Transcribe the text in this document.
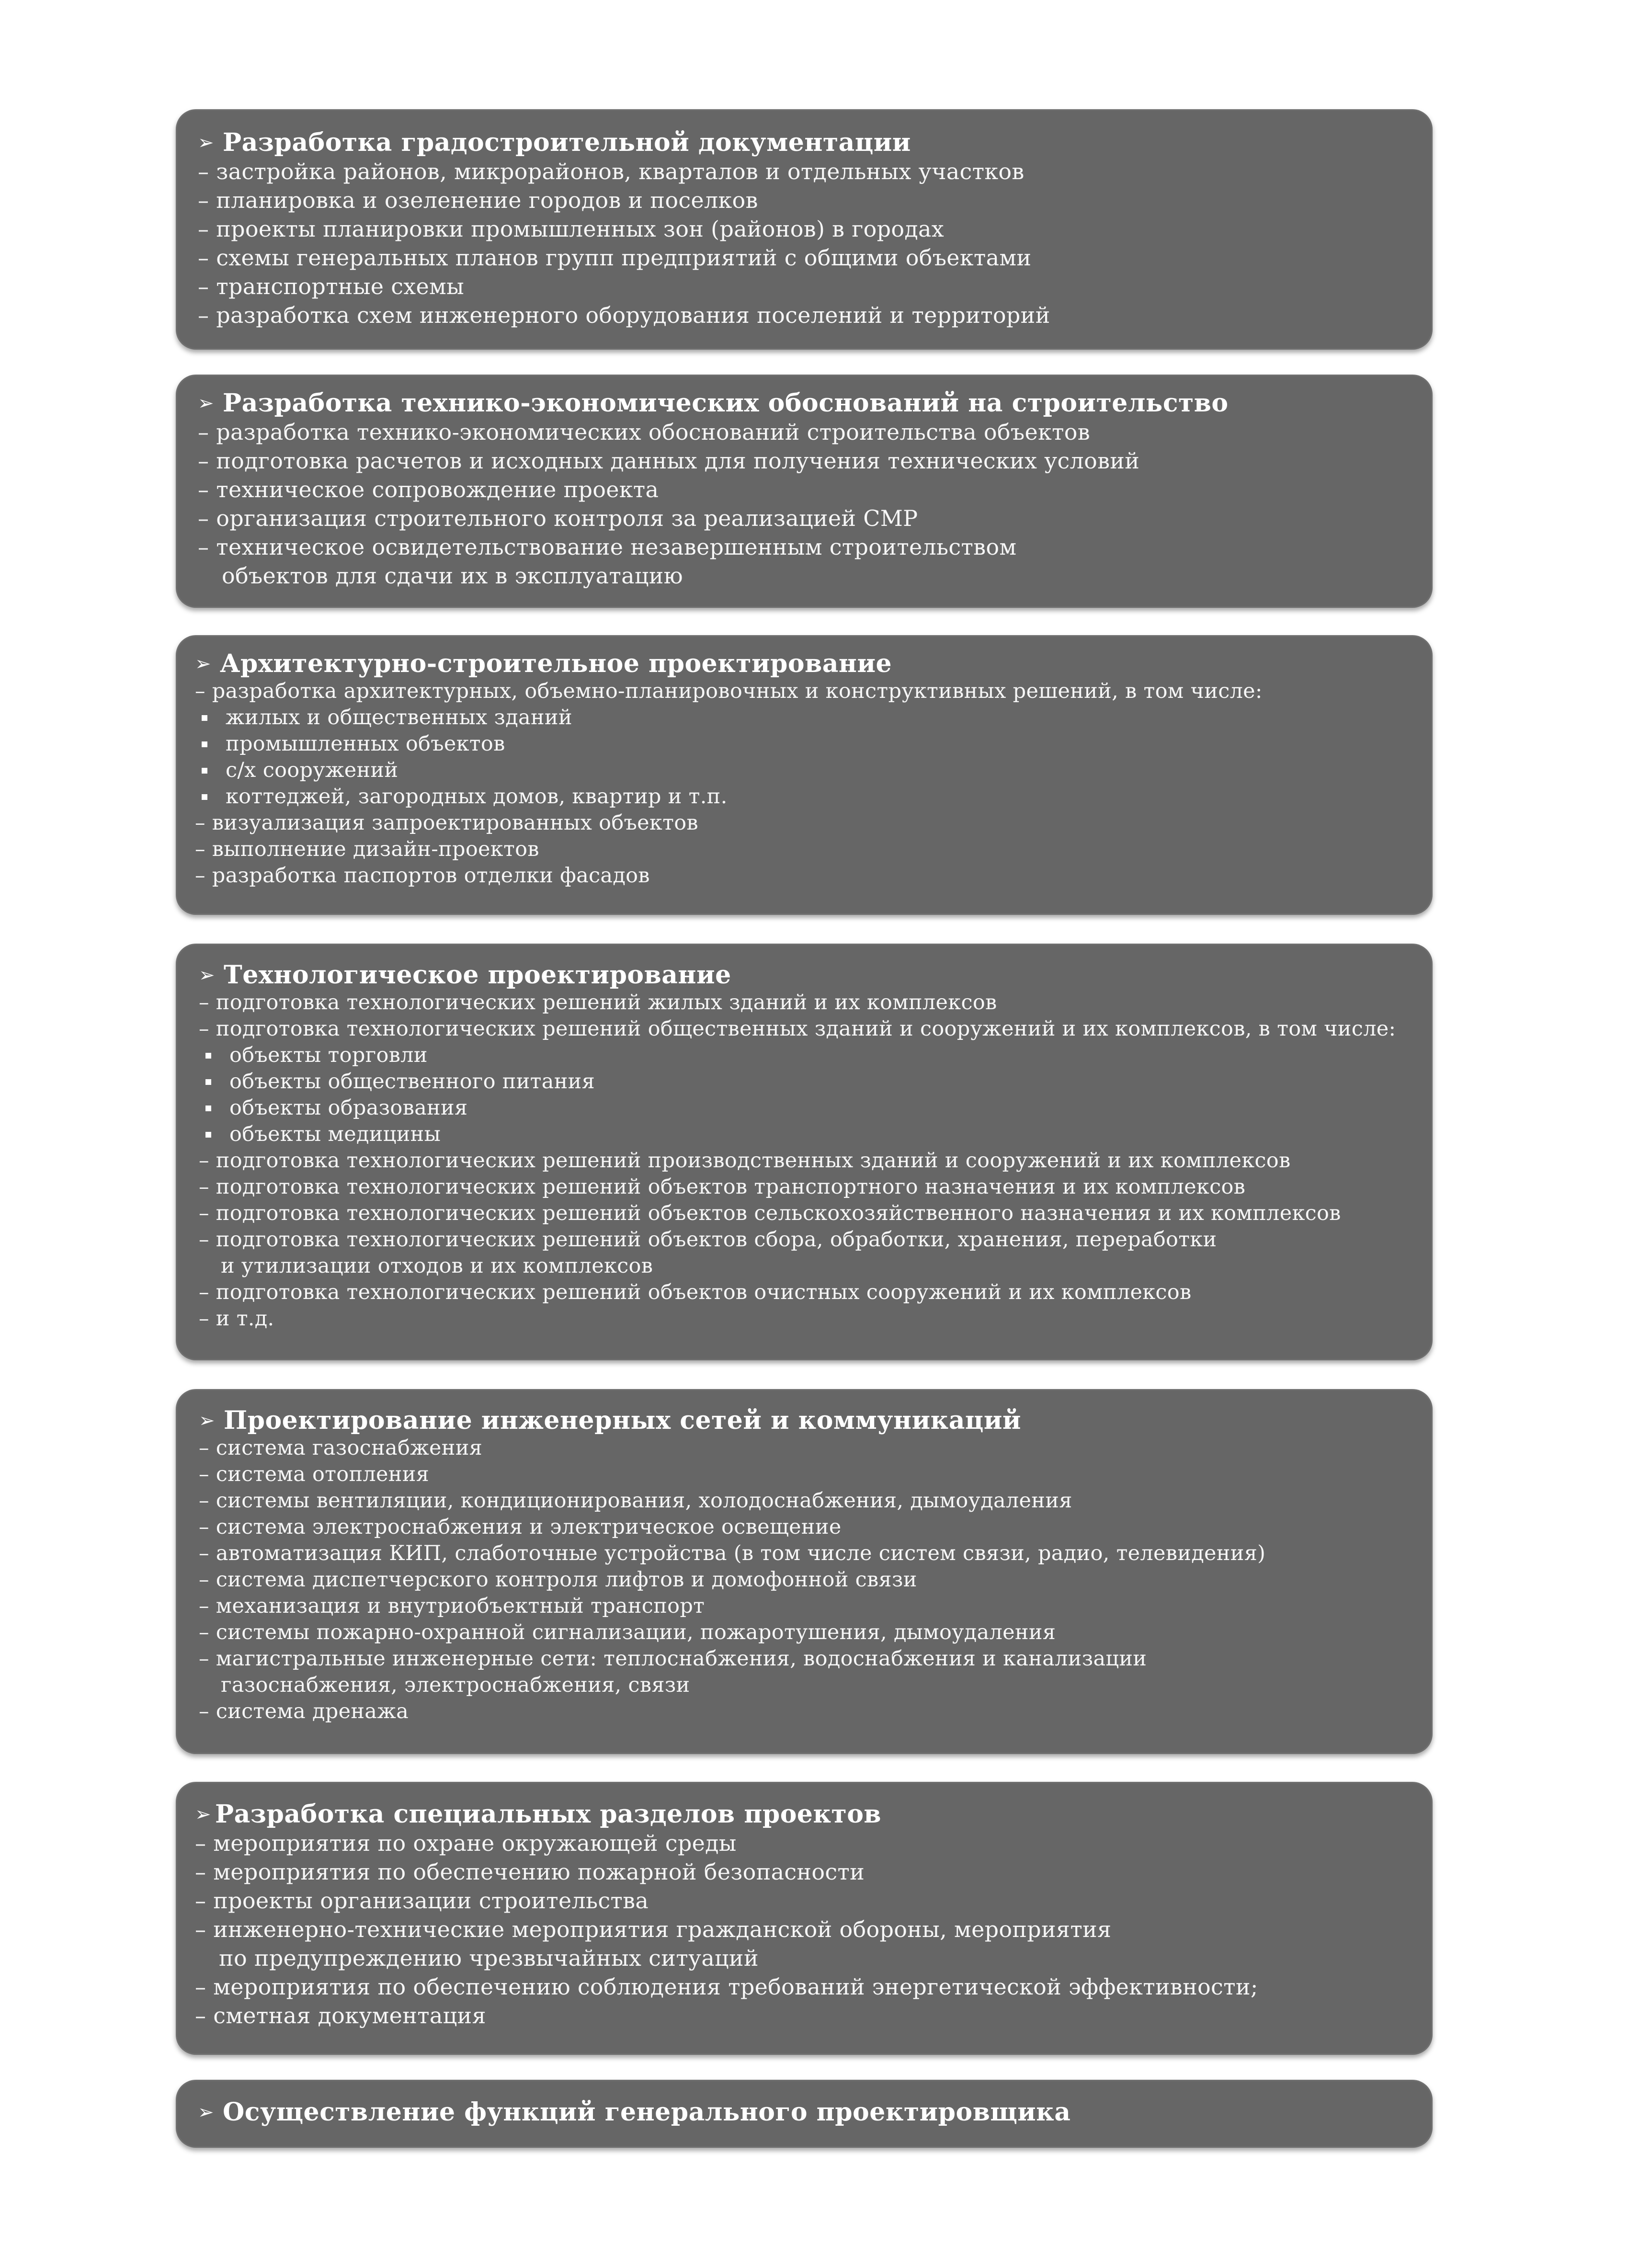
➢ Разработка градостроительной документации
– застройка районов, микрорайонов, кварталов и отдельных участков
– планировка и озеленение городов и поселков
– проекты планировки промышленных зон (районов) в городах
– схемы генеральных планов групп предприятий с общими объектами
– транспортные схемы
– разработка схем инженерного оборудования поселений и территорий
➢ Разработка технико-экономических обоснований на строительство
– разработка технико-экономических обоснований строительства объектов
– подготовка расчетов и исходных данных для получения технических условий
– техническое сопровождение проекта
– организация строительного контроля за реализацией СМР
– техническое освидетельствование незавершенным строительством
объектов для сдачи их в эксплуатацию
➢ Архитектурно-строительное проектирование
– разработка архитектурных, объемно-планировочных и конструктивных решений, в том числе:
жилых и общественных зданий
промышленных объектов
с/х сооружений
коттеджей, загородных домов, квартир и т.п.
– визуализация запроектированных объектов
– выполнение дизайн-проектов
– разработка паспортов отделки фасадов
➢ Технологическое проектирование
– подготовка технологических решений жилых зданий и их комплексов
– подготовка технологических решений общественных зданий и сооружений и их комплексов, в том числе:
объекты торговли
объекты общественного питания
объекты образования
объекты медицины
– подготовка технологических решений производственных зданий и сооружений и их комплексов
– подготовка технологических решений объектов транспортного назначения и их комплексов
– подготовка технологических решений объектов сельскохозяйственного назначения и их комплексов
– подготовка технологических решений объектов сбора, обработки, хранения, переработки
и утилизации отходов и их комплексов
– подготовка технологических решений объектов очистных сооружений и их комплексов
– и т.д.
➢ Проектирование инженерных сетей и коммуникаций
– система газоснабжения
– система отопления
– системы вентиляции, кондиционирования, холодоснабжения, дымоудаления
– система электроснабжения и электрическое освещение
– автоматизация КИП, слаботочные устройства (в том числе систем связи, радио, телевидения)
– система диспетчерского контроля лифтов и домофонной связи
– механизация и внутриобъектный транспорт
– системы пожарно-охранной сигнализации, пожаротушения, дымоудаления
– магистральные инженерные сети: теплоснабжения, водоснабжения и канализации
газоснабжения, электроснабжения, связи
– система дренажа
➢ Разработка специальных разделов проектов
– мероприятия по охране окружающей среды
– мероприятия по обеспечению пожарной безопасности
– проекты организации строительства
– инженерно-технические мероприятия гражданской обороны, мероприятия
по предупреждению чрезвычайных ситуаций
– мероприятия по обеспечению соблюдения требований энергетической эффективности;
– сметная документация
➢ Осуществление функций генерального проектировщика
